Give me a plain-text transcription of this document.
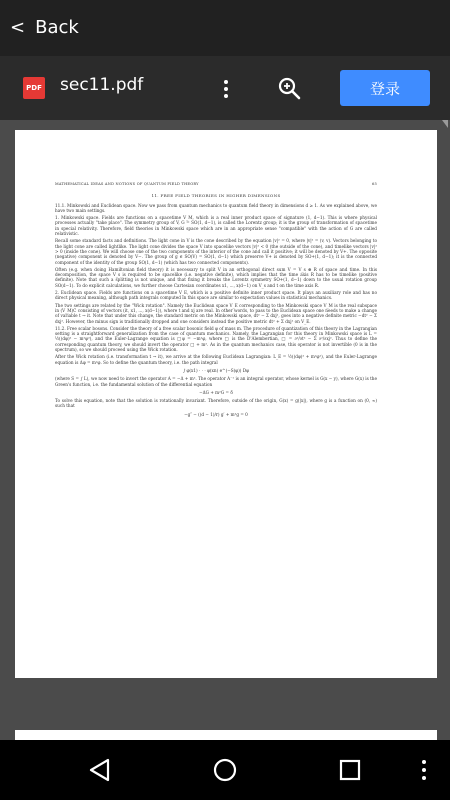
< Back
PDF sec11.pdf	登录
MATHEMATICAL IDEAS AND NOTIONS OF QUANTUM FIELD THEORY	65
11. FREE FIELD THEORIES IN HIGHER DIMENSIONS
11.1. Minkowski and Euclidean space. Now we pass from quantum mechanics to quantum field theory in dimensions d ≥ 1. As we explained above, we have two main settings.
1. Minkowski space. Fields are functions on a spacetime V_M, which is a real inner product space of signature (1, d−1). This is where physical processes actually "take place". The symmetry group of V, G = SO(1, d−1), is called the Lorentz group; it is the group of transformation of spacetime in special relativity. Therefore, field theories in Minkowski space which are in an appropriate sense "compatible" with the action of G are called relativistic.
Recall some standard facts and definitions. The light cone in V is the cone described by the equation |v|² = 0, where |v|² = (v, v). Vectors belonging to the light cone are called lightlike. The light cone divides the space V into spacelike vectors |v|² < 0 (the outside of the cone), and timelike vectors |v|² > 0 (inside the cone). We will choose one of the two components of the interior of the cone and call it positive; it will be denoted by V+. The opposite (negative) component is denoted by V−. The group of g ∈ SO(V) = SO(1, d−1) which preserve V+ is denoted by SO+(1, d−1); it is the connected component of the identity of the group SO(1, d−1) (which has two connected components).
Often (e.g. when doing Hamiltonian field theory) it is necessary to split V in an orthogonal direct sum V = V_s ⊕ R of space and time. In this decomposition, the space V_s is required to be spacelike (i.e. negative definite), which implies that the time axis R has to be timelike (positive definite). Note that such a splitting is not unique, and that fixing it breaks the Lorentz symmetry SO+(1, d−1) down to the usual rotation group SO(d−1). To do explicit calculations, we further choose Cartesian coordinates x1, ..., x(d−1) on V_s and t on the time axis R.
2. Euclidean space. Fields are functions on a spacetime V_E, which is a positive definite inner product space. It plays an auxiliary role and has no direct physical meaning, although path integrals computed in this space are similar to expectation values in statistical mechanics.
The two settings are related by the "Wick rotation". Namely the Euclidean space V_E corresponding to the Minkowski space V_M is the real subspace in (V_M)C consisting of vectors (it, x1, ..., x(d−1)), where t and xj are real. In other words, to pass to the Euclidean space one needs to make a change of variable t → it. Note that under this change, the standard metric on the Minkowski space, dt² − Σ dxj², goes into a negative definite metric −dt² − Σ dxj². However, the minus sign is traditionally dropped and one considers instead the positive metric dt² + Σ dxj² on V_E.
11.2. Free scalar bosons. Consider the theory of a free scalar bosonic field φ of mass m. The procedure of quantization of this theory in the Lagrangian setting is a straightforward generalization from the case of quantum mechanics. Namely, the Lagrangian for this theory in Minkowski space is L = ½((dφ)² − m²φ²), and the Euler-Lagrange equation is □φ = −m²φ, where □ is the D'Alembertian, □ = ∂²/∂t² − Σ ∂²/∂xj². Thus to define the corresponding quantum theory, we should invert the operator □ + m². As in the quantum mechanics case, this operator is not invertible (0 is in the spectrum), so we should proceed using the Wick rotation.
After the Wick rotation (i.e. transformation t → it), we arrive at the following Euclidean Lagrangian: L_E = ½((dφ)² + m²φ²), and the Euler-Lagrange equation is Δφ = m²φ. So to define the quantum theory, i.e. the path integral
∫ φ(x1) · · · φ(xn) e^(−S(φ)) Dφ
(where S = ∫ L), we now need to invert the operator A = −Δ + m². The operator A⁻¹ is an integral operator, whose kernel is G(x − y), where G(x) is the Green's function, i.e. the fundamental solution of the differential equation
−ΔG + m²G = δ
To solve this equation, note that the solution is rotationally invariant. Therefore, outside of the origin, G(x) = g(|x|), where g is a function on (0, ∞) such that
−g″ − ((d − 1)/r) g′ + m²g = 0
